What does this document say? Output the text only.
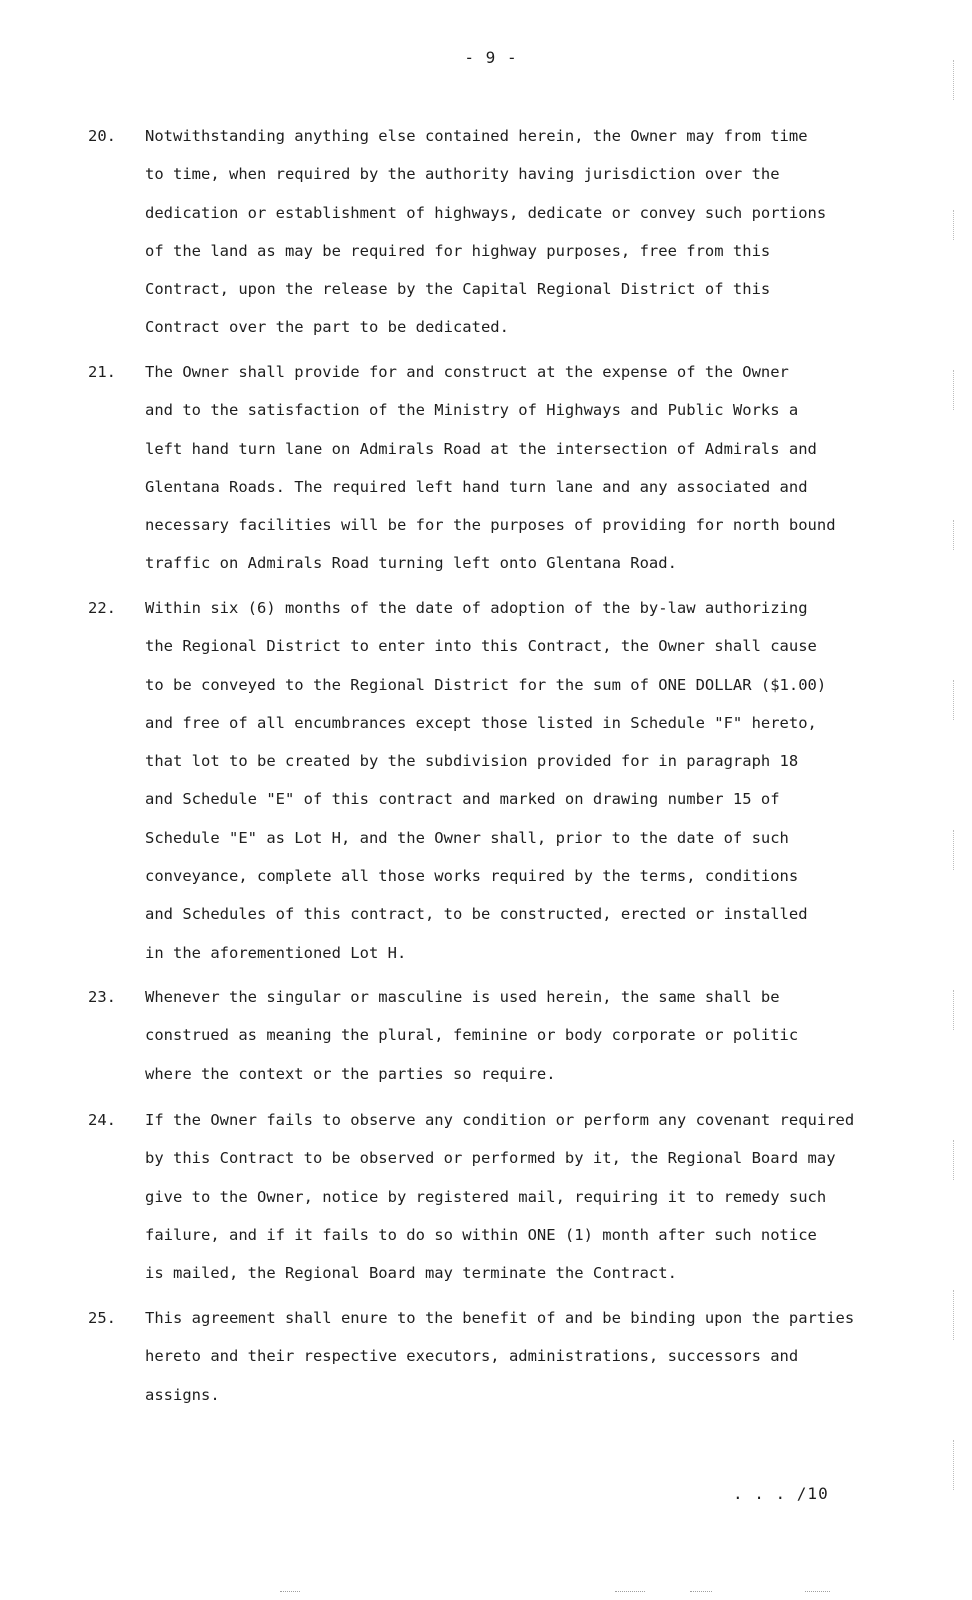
- 9 -
20. Notwithstanding anything else contained herein, the Owner may from time
to time, when required by the authority having jurisdiction over the
dedication or establishment of highways, dedicate or convey such portions
of the land as may be required for highway purposes, free from this
Contract, upon the release by the Capital Regional District of this
Contract over the part to be dedicated.
21. The Owner shall provide for and construct at the expense of the Owner
and to the satisfaction of the Ministry of Highways and Public Works a
left hand turn lane on Admirals Road at the intersection of Admirals and
Glentana Roads. The required left hand turn lane and any associated and
necessary facilities will be for the purposes of providing for north bound
traffic on Admirals Road turning left onto Glentana Road.
22. Within six (6) months of the date of adoption of the by-law authorizing
the Regional District to enter into this Contract, the Owner shall cause
to be conveyed to the Regional District for the sum of ONE DOLLAR ($1.00)
and free of all encumbrances except those listed in Schedule "F" hereto,
that lot to be created by the subdivision provided for in paragraph 18
and Schedule "E" of this contract and marked on drawing number 15 of
Schedule "E" as Lot H, and the Owner shall, prior to the date of such
conveyance, complete all those works required by the terms, conditions
and Schedules of this contract, to be constructed, erected or installed
in the aforementioned Lot H.
23. Whenever the singular or masculine is used herein, the same shall be
construed as meaning the plural, feminine or body corporate or politic
where the context or the parties so require.
24. If the Owner fails to observe any condition or perform any covenant required
by this Contract to be observed or performed by it, the Regional Board may
give to the Owner, notice by registered mail, requiring it to remedy such
failure, and if it fails to do so within ONE (1) month after such notice
is mailed, the Regional Board may terminate the Contract.
25. This agreement shall enure to the benefit of and be binding upon the parties
hereto and their respective executors, administrations, successors and
assigns.
. . . /10
